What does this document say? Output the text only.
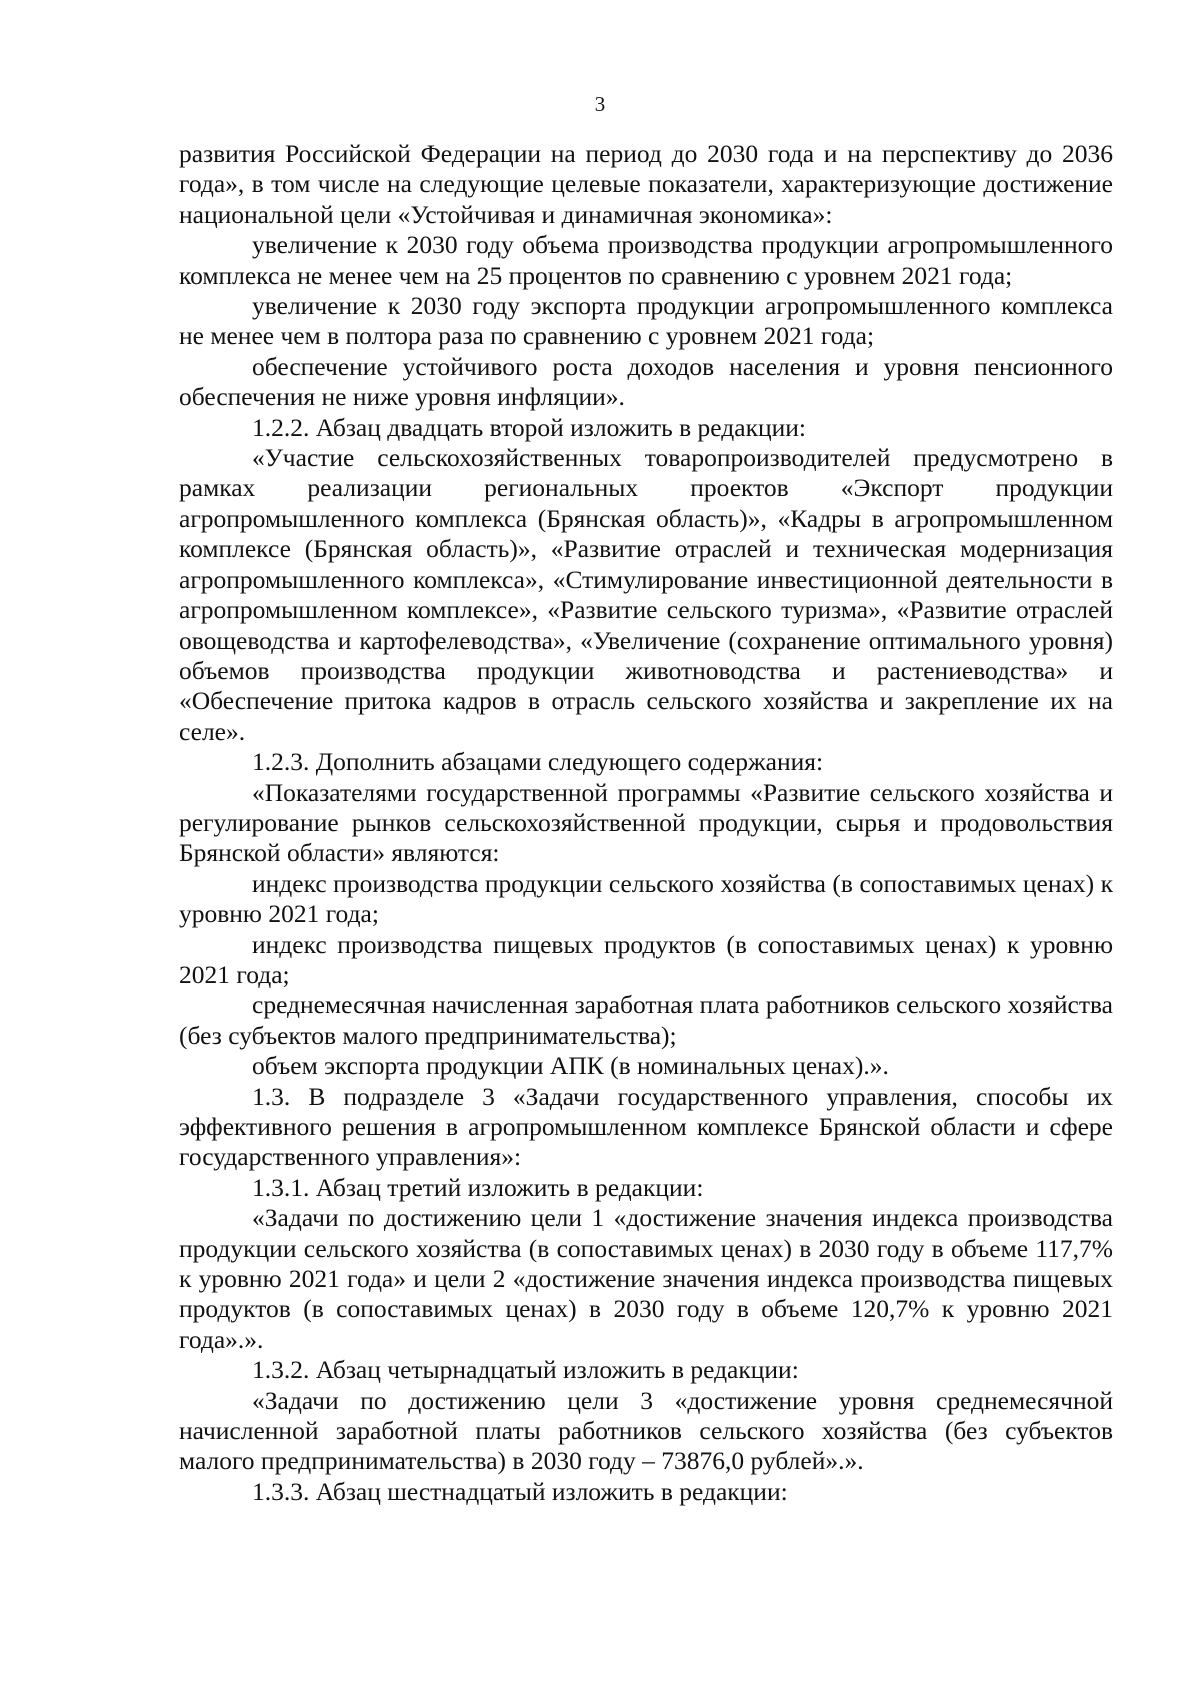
3

развития Российской Федерации на период до 2030 года и на перспективу до 2036 года», в том числе на следующие целевые показатели, характеризующие достижение национальной цели «Устойчивая и динамичная экономика»:

увеличение к 2030 году объема производства продукции агропромышленного комплекса не менее чем на 25 процентов по сравнению с уровнем 2021 года;

увеличение к 2030 году экспорта продукции агропромышленного комплекса не менее чем в полтора раза по сравнению с уровнем 2021 года;

обеспечение устойчивого роста доходов населения и уровня пенсионного обеспечения не ниже уровня инфляции».

1.2.2. Абзац двадцать второй изложить в редакции:

«Участие сельскохозяйственных товаропроизводителей предусмотрено в рамках реализации региональных проектов «Экспорт продукции агропромышленного комплекса (Брянская область)», «Кадры в агропромышленном комплексе (Брянская область)», «Развитие отраслей и техническая модернизация агропромышленного комплекса», «Стимулирование инвестиционной деятельности в агропромышленном комплексе», «Развитие сельского туризма», «Развитие отраслей овощеводства и картофелеводства», «Увеличение (сохранение оптимального уровня) объемов производства продукции животноводства и растениеводства» и «Обеспечение притока кадров в отрасль сельского хозяйства и закрепление их на селе».

1.2.3. Дополнить абзацами следующего содержания:

«Показателями государственной программы «Развитие сельского хозяйства и регулирование рынков сельскохозяйственной продукции, сырья и продовольствия Брянской области» являются:

индекс производства продукции сельского хозяйства (в сопоставимых ценах) к уровню 2021 года;

индекс производства пищевых продуктов (в сопоставимых ценах) к уровню 2021 года;

среднемесячная начисленная заработная плата работников сельского хозяйства (без субъектов малого предпринимательства);

объем экспорта продукции АПК (в номинальных ценах).».

1.3. В подразделе 3 «Задачи государственного управления, способы их эффективного решения в агропромышленном комплексе Брянской области и сфере государственного управления»:

1.3.1. Абзац третий изложить в редакции:

«Задачи по достижению цели 1 «достижение значения индекса производства продукции сельского хозяйства (в сопоставимых ценах) в 2030 году в объеме 117,7% к уровню 2021 года» и цели 2 «достижение значения индекса производства пищевых продуктов (в сопоставимых ценах) в 2030 году в объеме 120,7% к уровню 2021 года».».

1.3.2. Абзац четырнадцатый изложить в редакции:

«Задачи по достижению цели 3 «достижение уровня среднемесячной начисленной заработной платы работников сельского хозяйства (без субъектов малого предпринимательства) в 2030 году – 73876,0 рублей».».

1.3.3. Абзац шестнадцатый изложить в редакции:
